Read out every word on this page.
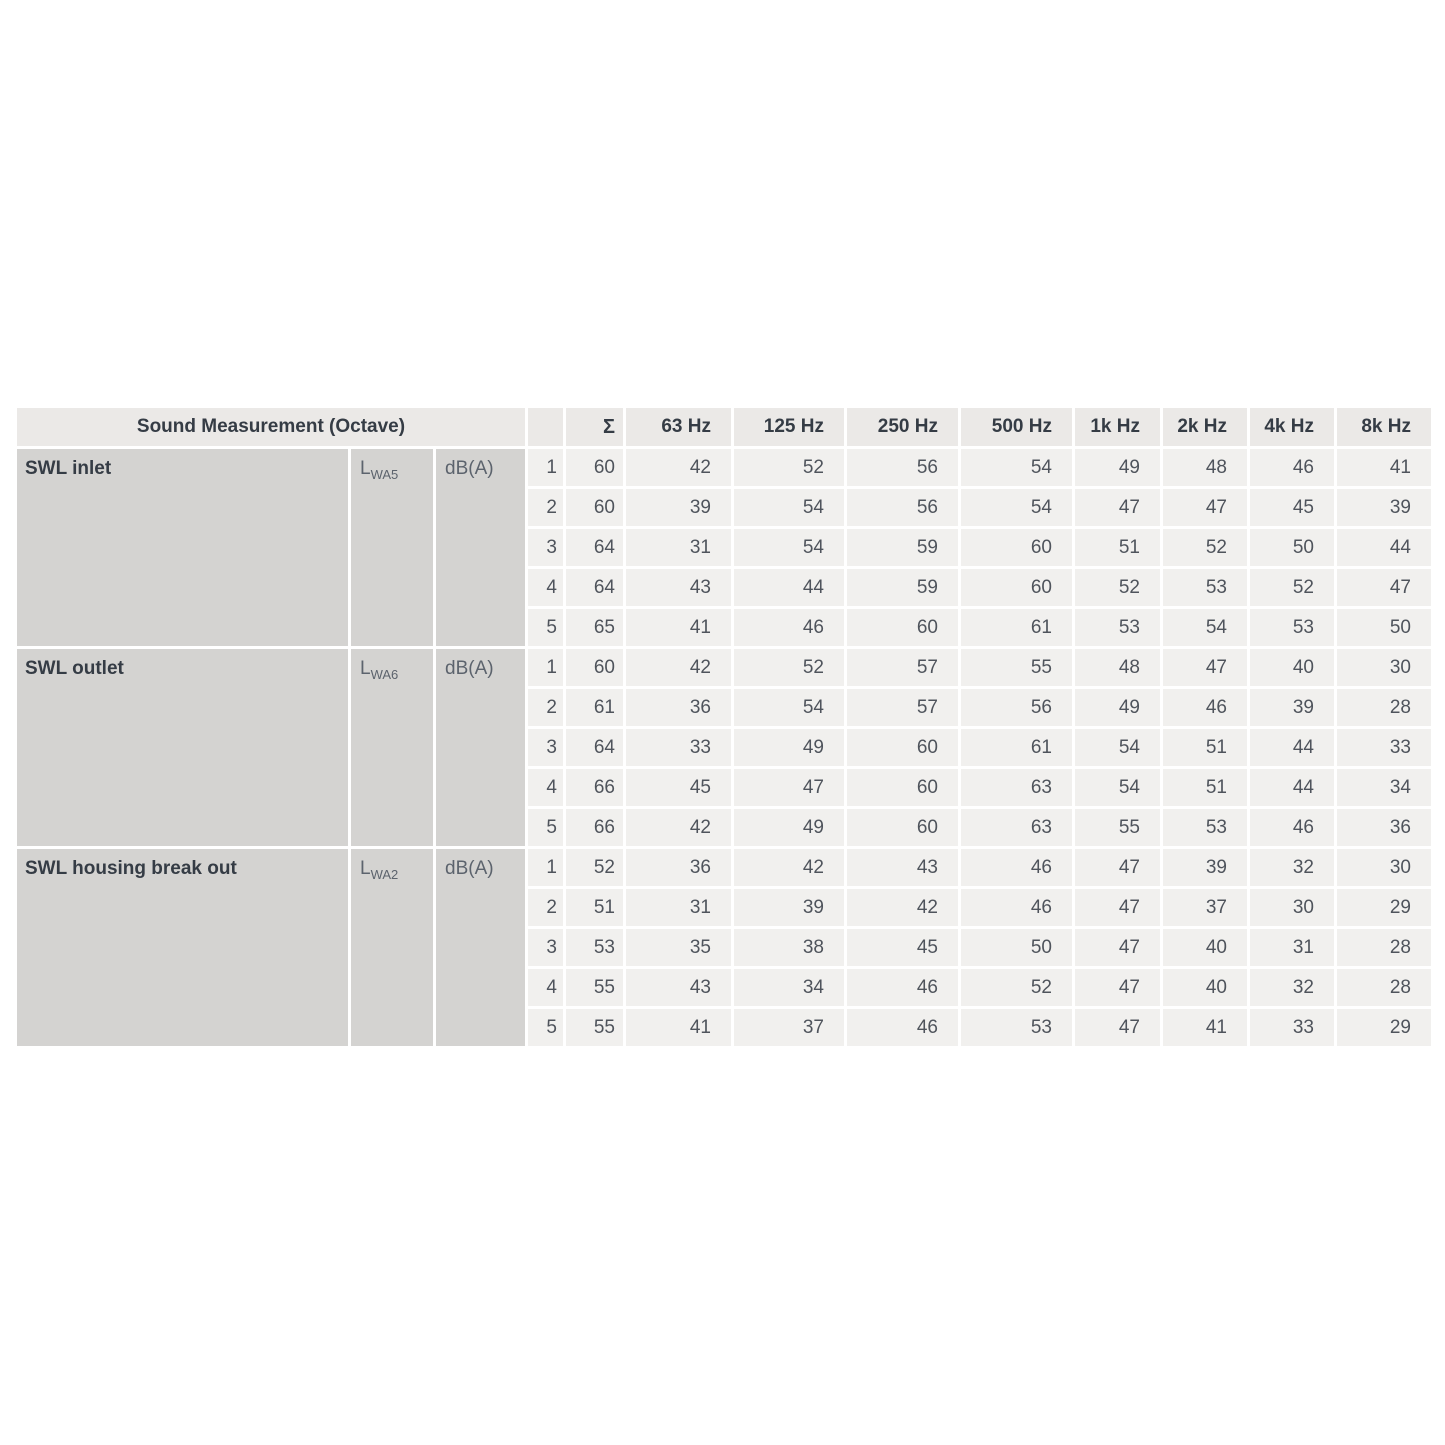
Sound Measurement (Octave)				Σ	63 Hz	125 Hz	250 Hz	500 Hz	1k Hz	2k Hz	4k Hz	8k Hz
SWL inlet	$L_{WA5}$	dB(A)	1	60	42	52	56	54	49	48	46	41
			2	60	39	54	56	54	47	47	45	39
			3	64	31	54	59	60	51	52	50	44
			4	64	43	44	59	60	52	53	52	47
			5	65	41	46	60	61	53	54	53	50
SWL outlet	$L_{WA6}$	dB(A)	1	60	42	52	57	55	48	47	40	30
			2	61	36	54	57	56	49	46	39	28
			3	64	33	49	60	61	54	51	44	33
			4	66	45	47	60	63	54	51	44	34
			5	66	42	49	60	63	55	53	46	36
SWL housing break out	$L_{WA2}$	dB(A)	1	52	36	42	43	46	47	39	32	30
			2	51	31	39	42	46	47	37	30	29
			3	53	35	38	45	50	47	40	31	28
			4	55	43	34	46	52	47	40	32	28
			5	55	41	37	46	53	47	41	33	29
